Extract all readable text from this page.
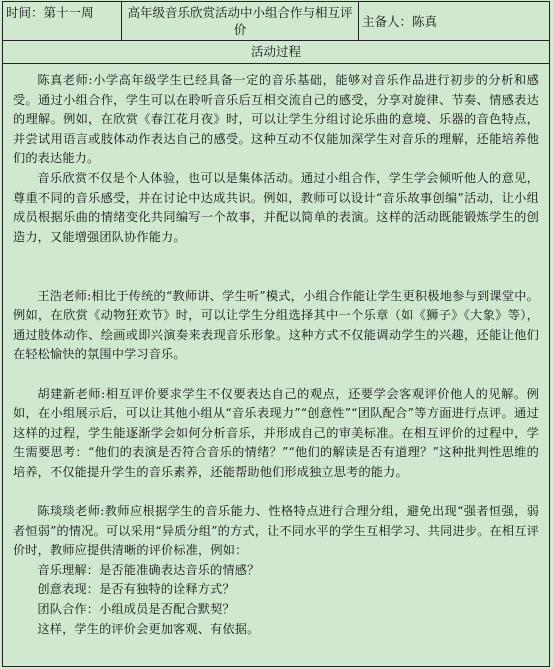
时间：第十一周	高年级音乐欣赏活动中小组合作与相互评价
主备人： 陈真
活动过程

陈真老师:小学高年级学生已经具备一定的音乐基础，能够对音乐作品进行初步的分析和感受。通过小组合作，学生可以在聆听音乐后互相交流自己的感受，分享对旋律、节奏、情感表达的理解。例如，在欣赏《春江花月夜》时，可以让学生分组讨论乐曲的意境、乐器的音色特点，并尝试用语言或肢体动作表达自己的感受。这种互动不仅能加深学生对音乐的理解，还能培养他们的表达能力。

音乐欣赏不仅是个人体验，也可以是集体活动。通过小组合作，学生学会倾听他人的意见，尊重不同的音乐感受，并在讨论中达成共识。例如，教师可以设计“音乐故事创编”活动，让小组成员根据乐曲的情绪变化共同编写一个故事，并配以简单的表演。这样的活动既能锻炼学生的创造力，又能增强团队协作能力。

王浩老师:相比于传统的“教师讲、学生听”模式，小组合作能让学生更积极地参与到课堂中。例如，在欣赏《动物狂欢节》时，可以让学生分组选择其中一个乐章（如《狮子》《大象》等），通过肢体动作、绘画或即兴演奏来表现音乐形象。这种方式不仅能调动学生的兴趣，还能让他们在轻松愉快的氛围中学习音乐。

胡建新老师:相互评价要求学生不仅要表达自己的观点，还要学会客观评价他人的见解。例如，在小组展示后，可以让其他小组从“音乐表现力”“创意性”“团队配合”等方面进行点评。通过这样的过程，学生能逐渐学会如何分析音乐，并形成自己的审美标准。在相互评价的过程中，学生需要思考：“他们的表演是否符合音乐的情绪？”“他们的解读是否有道理？”这种批判性思维的培养，不仅能提升学生的音乐素养，还能帮助他们形成独立思考的能力。

陈琰琰老师:教师应根据学生的音乐能力、性格特点进行合理分组，避免出现“强者恒强，弱者恒弱”的情况。可以采用“异质分组”的方式，让不同水平的学生互相学习、共同进步。在相互评价时，教师应提供清晰的评价标准，例如：

音乐理解：是否能准确表达音乐的情感？

创意表现：是否有独特的诠释方式？

团队合作：小组成员是否配合默契？

这样，学生的评价会更加客观、有依据。
